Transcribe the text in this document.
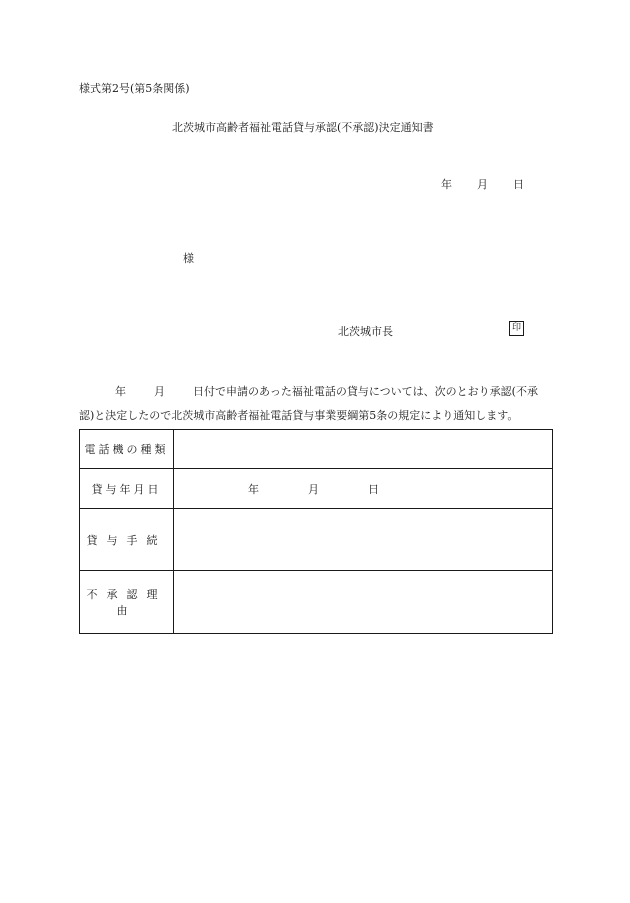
様式第2号(第5条関係)
北茨城市高齢者福祉電話貸与承認(不承認)決定通知書
年 月 日
様
北茨城市長	印
年	月	日付で申請のあった福祉電話の貸与については、次のとおり承認(不承
認)と決定したので北茨城市高齢者福祉電話貸与事業要綱第5条の規定により通知します。
電話機の種類	
貸与年月日	年 月 日
貸与手続	
不承認理由	
